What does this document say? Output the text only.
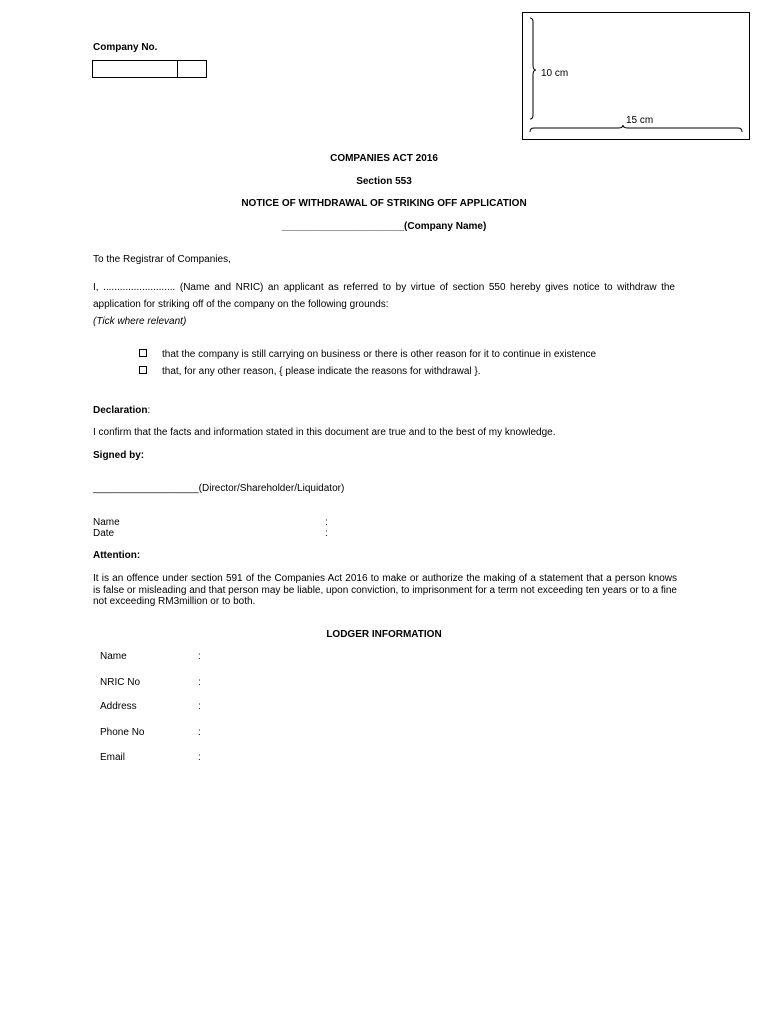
Company No.
10 cm
15 cm
COMPANIES ACT 2016
Section 553
NOTICE OF WITHDRAWAL OF STRIKING OFF APPLICATION
______________________(Company Name)
To the Registrar of Companies,
I, .......................... (Name and NRIC) an applicant as referred to by virtue of section 550 hereby gives notice to withdraw the application for striking off of the company on the following grounds:
(Tick where relevant)
that the company is still carrying on business or there is other reason for it to continue in existence
that, for any other reason, { please indicate the reasons for withdrawal }.
Declaration:
I confirm that the facts and information stated in this document are true and to the best of my knowledge.
Signed by:
___________________(Director/Shareholder/Liquidator)
Name	:
Date	:
Attention:
It is an offence under section 591 of the Companies Act 2016 to make or authorize the making of a statement that a person knows is false or misleading and that person may be liable, upon conviction, to imprisonment for a term not exceeding ten years or to a fine not exceeding RM3million or to both.
LODGER INFORMATION
Name	:
NRIC No	:
Address	:
Phone No	:
Email	:
